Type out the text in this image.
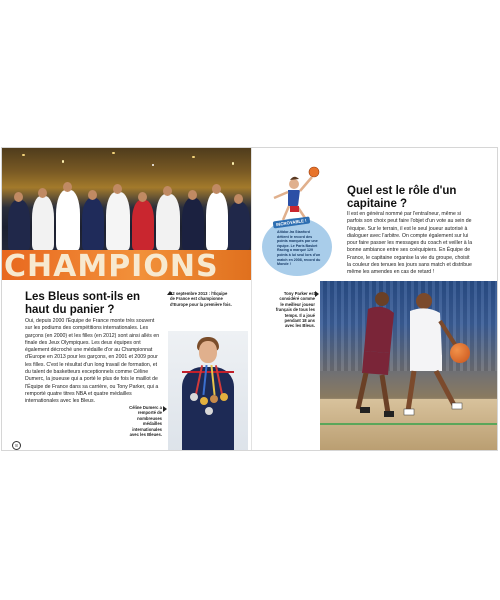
CHAMPIONS
Les Bleus sont-ils en haut du panier ?

Oui, depuis 2000 l'Équipe de France monte très souvent sur les podiums des compétitions internationales. Les garçons (en 2000) et les filles (en 2012) sont ainsi allés en finale des Jeux Olympiques. Les deux équipes ont également décroché une médaille d'or au Championnat d'Europe en 2013 pour les garçons, en 2001 et 2009 pour les filles. C'est le résultat d'un long travail de formation, et du talent de basketteurs exceptionnels comme Céline Dumerc, la joueuse qui a porté le plus de fois le maillot de l'Équipe de France dans sa carrière, ou Tony Parker, qui a remporté quatre titres NBA et quatre médailles internationales avec les Bleus.

22 septembre 2013 : l'Équipe de France est championne d'Europe pour la première fois.

Céline Dumerc a remporté de nombreuses médailles internationales avec les Bleues.

8

INCROYABLE !

Altidor-Ira Stanford détient le record des points marqués par une équipe. Le Paris Basket Racing a marqué 129 points à lui seul lors d'un match en 2008, record du Monde !

Quel est le rôle d'un capitaine ?

Il est en général nommé par l'entraîneur, même si parfois son choix peut faire l'objet d'un vote au sein de l'équipe. Sur le terrain, il est le seul joueur autorisé à dialoguer avec l'arbitre. On compte également sur lui pour faire passer les messages du coach et veiller à la bonne ambiance entre ses coéquipiers. En Équipe de France, le capitaine organise la vie du groupe, choisit la couleur des tenues les jours sans match et distribue même les amendes en cas de retard !

Tony Parker est considéré comme le meilleur joueur français de tous les temps. Il a joué pendant 18 ans avec les Bleus.
